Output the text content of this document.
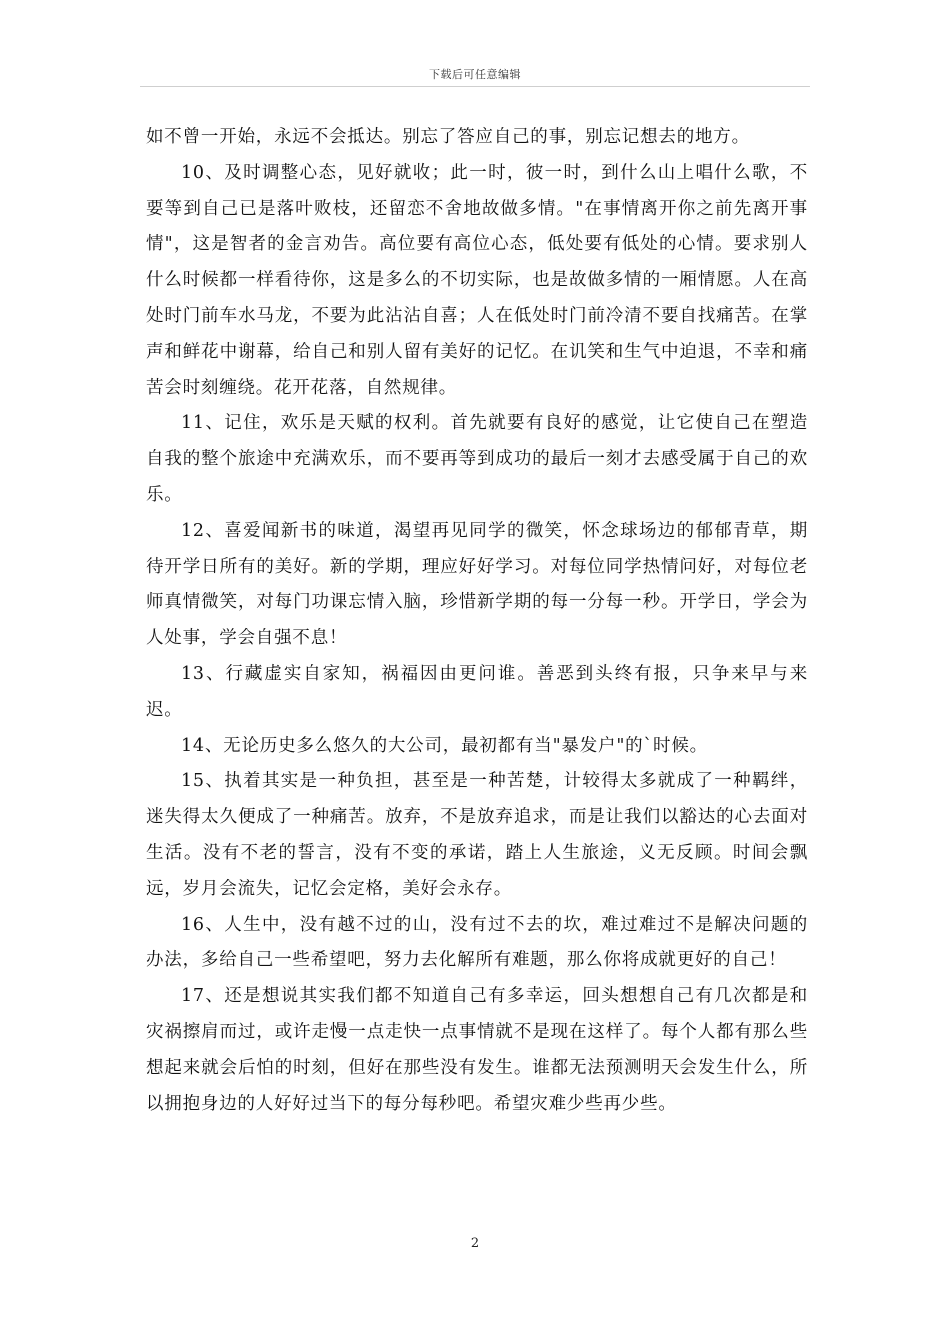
下载后可任意编辑

如不曾一开始，永远不会抵达。别忘了答应自己的事，别忘记想去的地方。

10、及时调整心态，见好就收；此一时，彼一时，到什么山上唱什么歌，不要等到自己已是落叶败枝，还留恋不舍地故做多情。"在事情离开你之前先离开事情"，这是智者的金言劝告。高位要有高位心态，低处要有低处的心情。要求别人什么时候都一样看待你，这是多么的不切实际，也是故做多情的一厢情愿。人在高处时门前车水马龙，不要为此沾沾自喜；人在低处时门前冷清不要自找痛苦。在掌声和鲜花中谢幕，给自己和别人留有美好的记忆。在讥笑和生气中迫退，不幸和痛苦会时刻缠绕。花开花落，自然规律。

11、记住，欢乐是天赋的权利。首先就要有良好的感觉，让它使自己在塑造自我的整个旅途中充满欢乐，而不要再等到成功的最后一刻才去感受属于自己的欢乐。

12、喜爱闻新书的味道，渴望再见同学的微笑，怀念球场边的郁郁青草，期待开学日所有的美好。新的学期，理应好好学习。对每位同学热情问好，对每位老师真情微笑，对每门功课忘情入脑，珍惜新学期的每一分每一秒。开学日，学会为人处事，学会自强不息！

13、行藏虚实自家知，祸福因由更问谁。善恶到头终有报，只争来早与来迟。

14、无论历史多么悠久的大公司，最初都有当"暴发户"的`时候。

15、执着其实是一种负担，甚至是一种苦楚，计较得太多就成了一种羁绊，迷失得太久便成了一种痛苦。放弃，不是放弃追求，而是让我们以豁达的心去面对生活。没有不老的誓言，没有不变的承诺，踏上人生旅途，义无反顾。时间会飘远，岁月会流失，记忆会定格，美好会永存。

16、人生中，没有越不过的山，没有过不去的坎，难过难过不是解决问题的办法，多给自己一些希望吧，努力去化解所有难题，那么你将成就更好的自己！

17、还是想说其实我们都不知道自己有多幸运，回头想想自己有几次都是和灾祸擦肩而过，或许走慢一点走快一点事情就不是现在这样了。每个人都有那么些想起来就会后怕的时刻，但好在那些没有发生。谁都无法预测明天会发生什么，所以拥抱身边的人好好过当下的每分每秒吧。希望灾难少些再少些。

2
